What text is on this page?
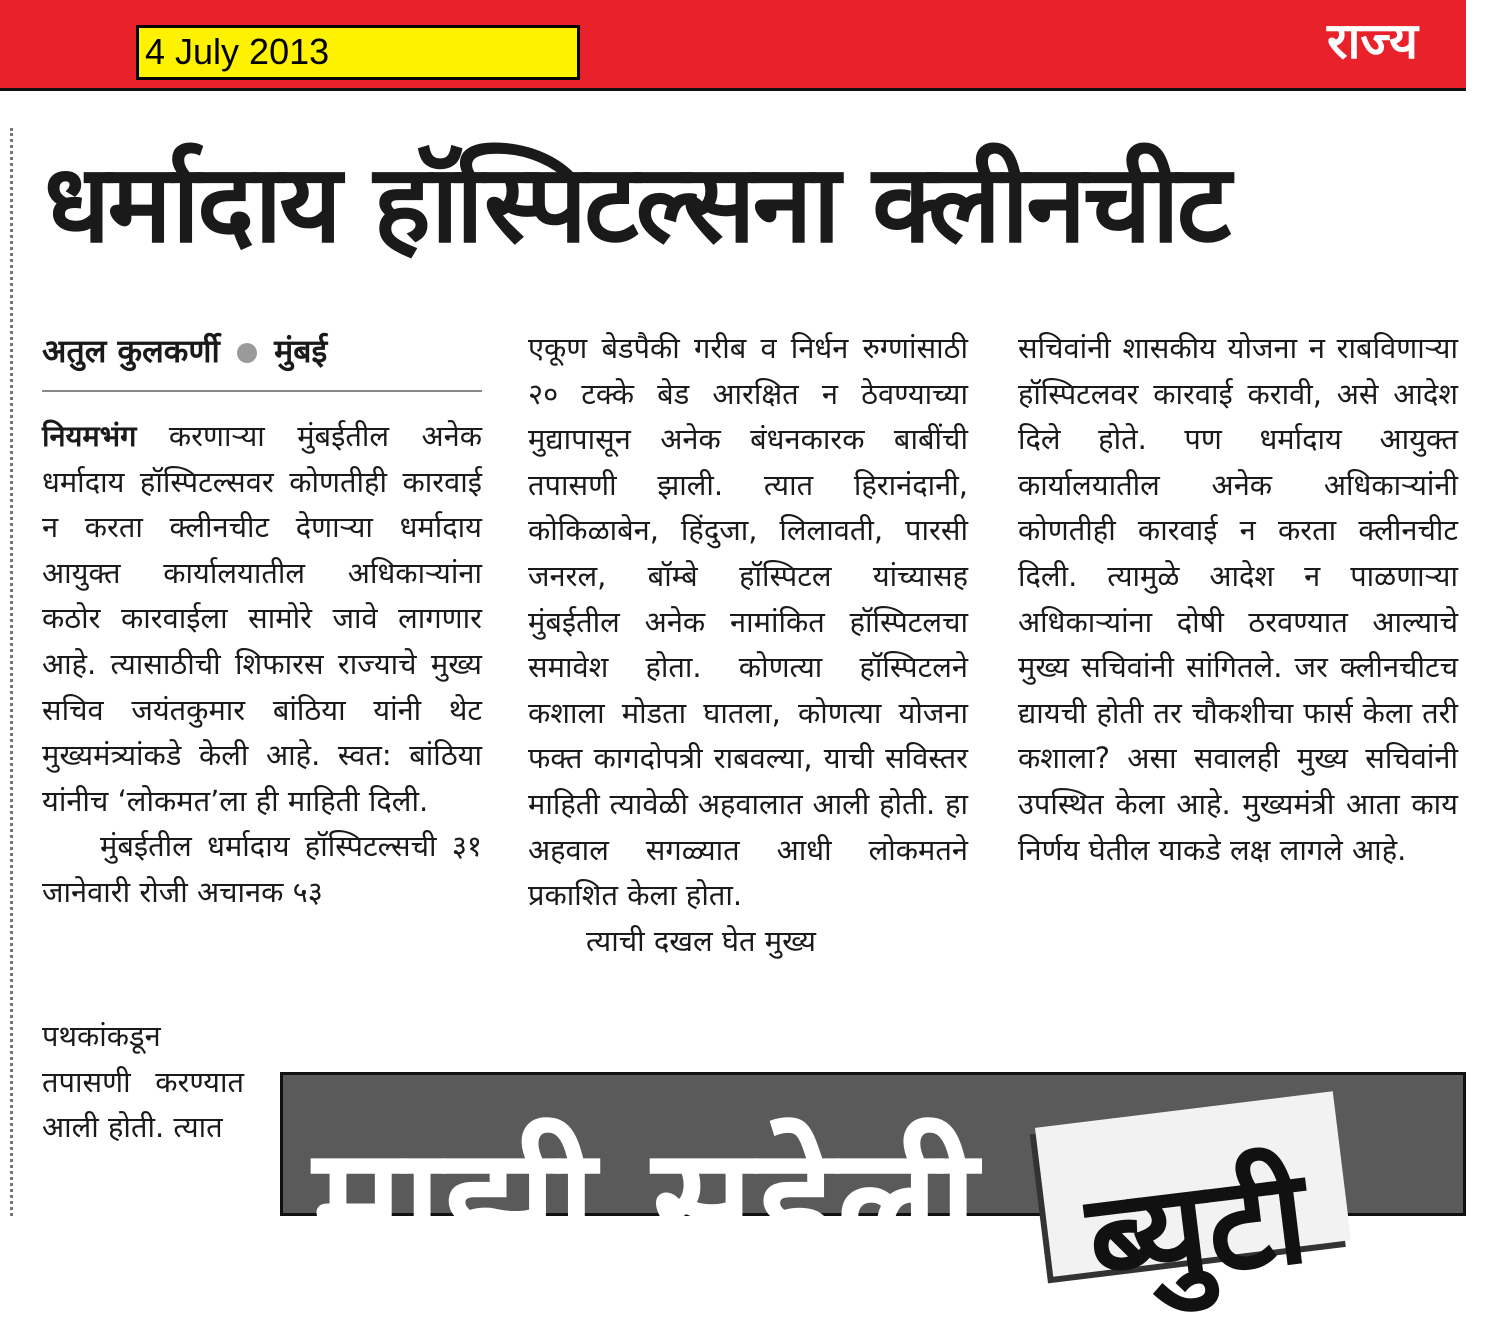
4 July 2013	राज्य
धर्मादाय हॉस्पिटल्सना क्लीनचीट
अतुल कुलकर्णी मुंबई

नियमभंग करणाऱ्या मुंबईतील अनेक धर्मादाय हॉस्पिटल्सवर कोणतीही कारवाई न करता क्लीनचीट देणाऱ्या धर्मादाय आयुक्त कार्यालयातील अधिकाऱ्यांना कठोर कारवाईला सामोरे जावे लागणार आहे. त्यासाठीची शिफारस राज्याचे मुख्य सचिव जयंतकुमार बांठिया यांनी थेट मुख्यमंत्र्यांकडे केली आहे. स्वत: बांठिया यांनीच ‘लोकमत’ला ही माहिती दिली.

मुंबईतील धर्मादाय हॉस्पिटल्सची ३१ जानेवारी रोजी अचानक ५३

पथकांकडून तपासणी करण्यात आली होती. त्यात

एकूण बेडपैकी गरीब व निर्धन रुग्णांसाठी २० टक्के बेड आरक्षित न ठेवण्याच्या मुद्यापासून अनेक बंधनकारक बाबींची तपासणी झाली. त्यात हिरानंदानी, कोकिळाबेन, हिंदुजा, लिलावती, पारसी जनरल, बॉम्बे हॉस्पिटल यांच्यासह मुंबईतील अनेक नामांकित हॉस्पिटलचा समावेश होता. कोणत्या हॉस्पिटलने कशाला मोडता घातला, कोणत्या योजना फक्त कागदोपत्री राबवल्या, याची सविस्तर माहिती त्यावेळी अहवालात आली होती. हा अहवाल सगळ्यात आधी लोकमतने प्रकाशित केला होता.

त्याची दखल घेत मुख्य

सचिवांनी शासकीय योजना न राबविणाऱ्या हॉस्पिटलवर कारवाई करावी, असे आदेश दिले होते. पण धर्मादाय आयुक्त कार्यालयातील अनेक अधिकाऱ्यांनी कोणतीही कारवाई न करता क्लीनचीट दिली. त्यामुळे आदेश न पाळणाऱ्या अधिकाऱ्यांना दोषी ठरवण्यात आल्याचे मुख्य सचिवांनी सांगितले. जर क्लीनचीटच द्यायची होती तर चौकशीचा फार्स केला तरी कशाला? असा सवालही मुख्य सचिवांनी उपस्थित केला आहे. मुख्यमंत्री आता काय निर्णय घेतील याकडे लक्ष लागले आहे.

माझी सहेली ब्युटी
